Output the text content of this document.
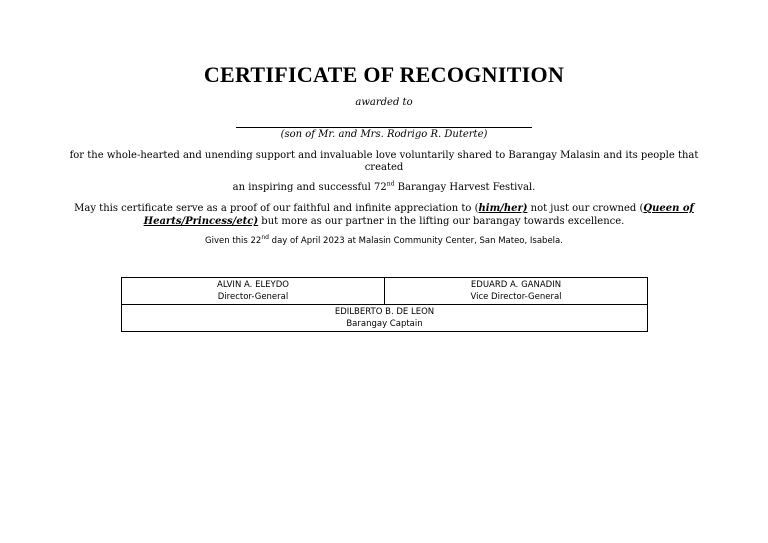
CERTIFICATE OF RECOGNITION
awarded to
(son of Mr. and Mrs. Rodrigo R. Duterte)
for the whole-hearted and unending support and invaluable love voluntarily shared to Barangay Malasin and its people that created
an inspiring and successful 72nd Barangay Harvest Festival.
May this certificate serve as a proof of our faithful and infinite appreciation to (him/her) not just our crowned (Queen of Hearts/Princess/etc) but more as our partner in the lifting our barangay towards excellence.
Given this 22nd day of April 2023 at Malasin Community Center, San Mateo, Isabela.
ALVIN A. ELEYDO
Director-General

EDUARD A. GANADIN
Vice Director-General

EDILBERTO B. DE LEON
Barangay Captain
